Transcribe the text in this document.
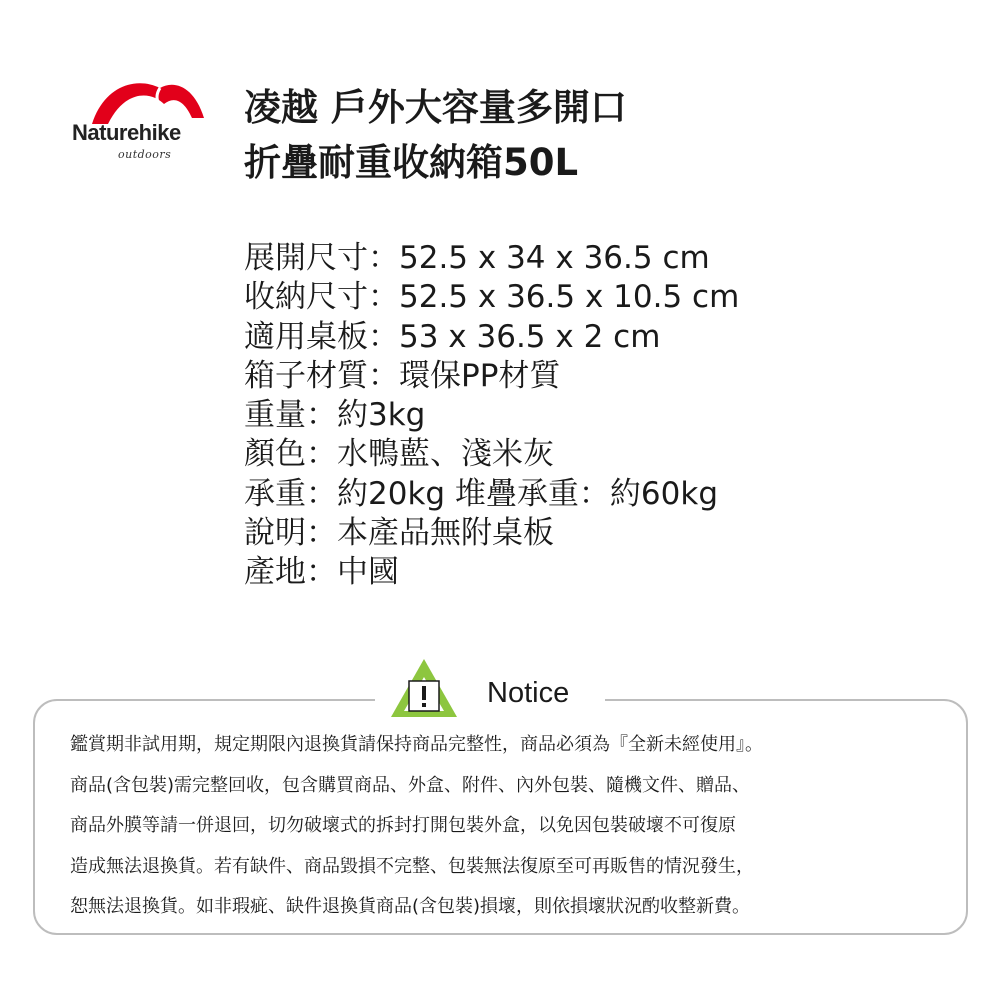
Naturehike
outdoors
凌越 戶外大容量多開口
折疊耐重收納箱50L
展開尺寸：52.5 x 34 x 36.5 cm
收納尺寸：52.5 x 36.5 x 10.5 cm
適用桌板：53 x 36.5 x 2 cm
箱子材質：環保PP材質
重量：約3kg
顏色：水鴨藍、淺米灰
承重：約20kg 堆疊承重：約60kg
說明：本產品無附桌板
產地：中國
Notice
鑑賞期非試用期，規定期限內退換貨請保持商品完整性，商品必須為『全新未經使用』。
商品(含包裝)需完整回收，包含購買商品、外盒、附件、內外包裝、隨機文件、贈品、
商品外膜等請一併退回，切勿破壞式的拆封打開包裝外盒，以免因包裝破壞不可復原
造成無法退換貨。若有缺件、商品毀損不完整、包裝無法復原至可再販售的情況發生，
恕無法退換貨。如非瑕疵、缺件退換貨商品(含包裝)損壞，則依損壞狀況酌收整新費。
